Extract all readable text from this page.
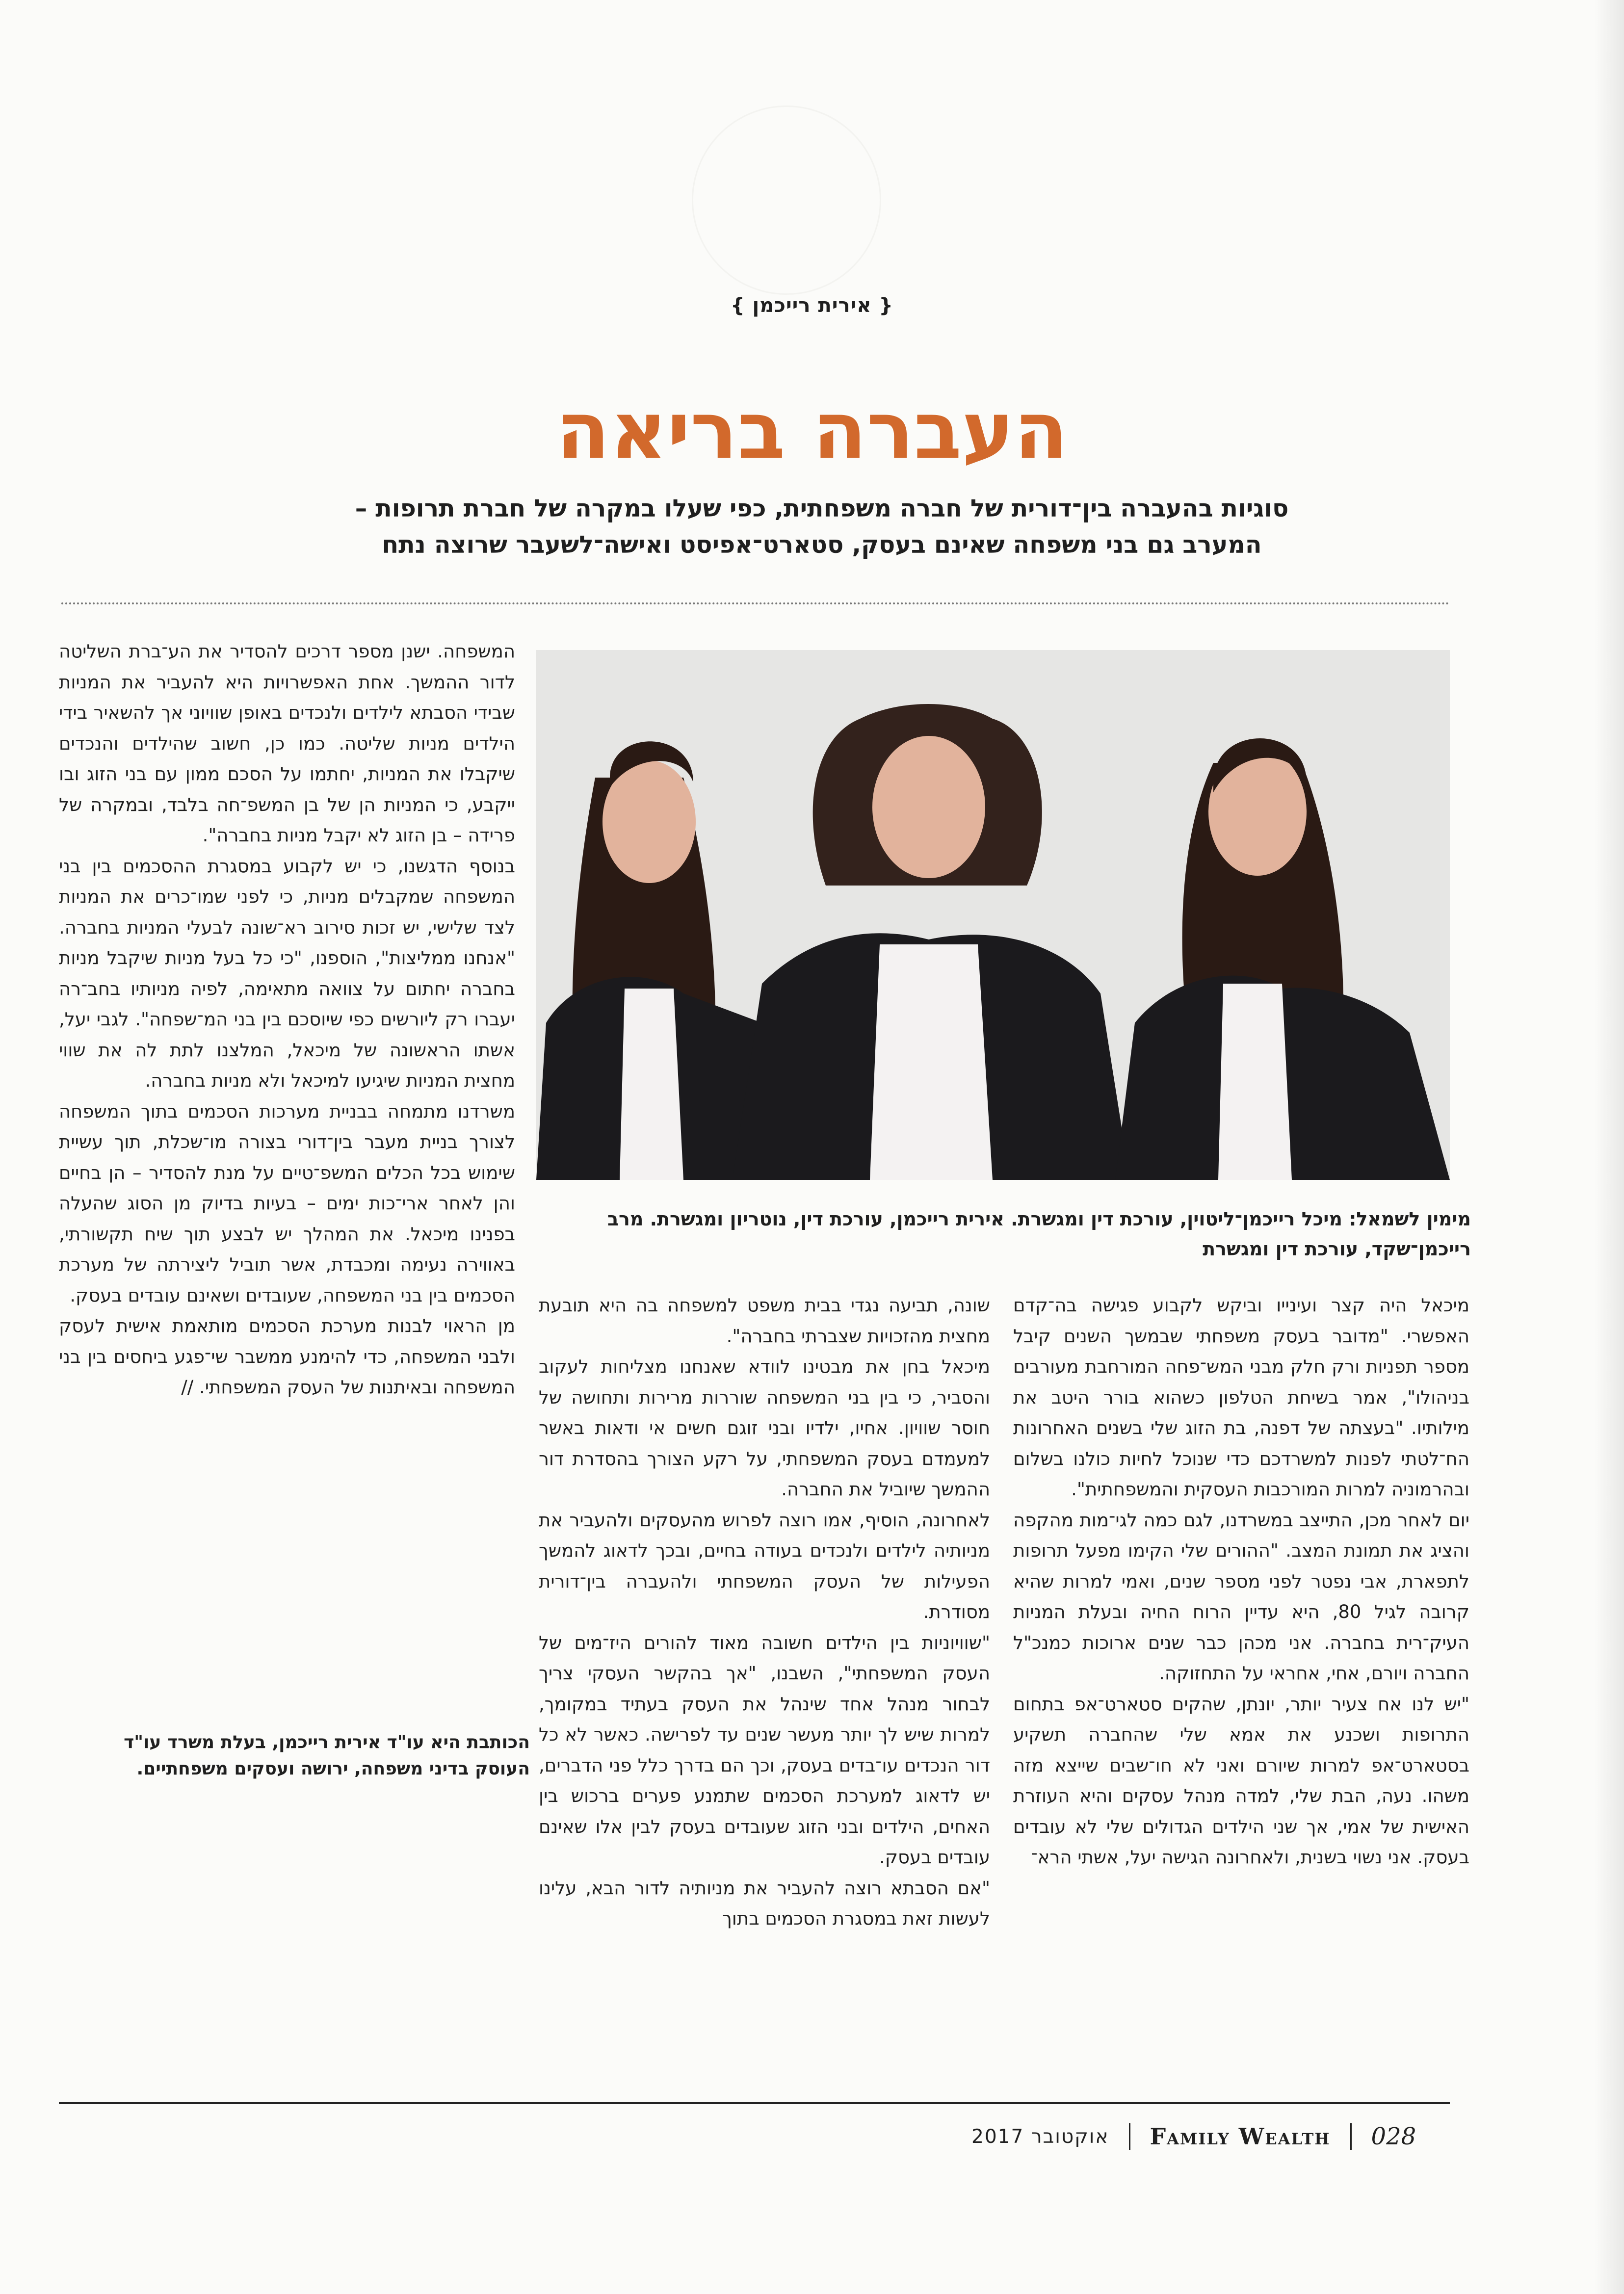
{ אירית רייכמן }
העברה בריאה
סוגיות בהעברה בין־דורית של חברה משפחתית, כפי שעלו במקרה של חברת תרופות –
המערב גם בני משפחה שאינם בעסק, סטארט־אפיסט ואישה־לשעבר שרוצה נתח
מימין לשמאל: מיכל רייכמן־ליטוין, עורכת דין ומגשרת. אירית רייכמן, עורכת דין, נוטריון ומגשרת. מרב רייכמן־שקד, עורכת דין ומגשרת

מיכאל היה קצר ועינייו וביקש לקבוע פגישה בה־קדם האפשרי. "מדובר בעסק משפחתי שבמשך השנים קיבל מספר תפניות ורק חלק מבני המש־פחה המורחבת מעורבים בניהולו", אמר בשיחת הטלפון כשהוא בורר היטב את מילותיו. "בעצתה של דפנה, בת הזוג שלי בשנים האחרונות הח־לטתי לפנות למשרדכם כדי שנוכל לחיות כולנו בשלום ובהרמוניה למרות המורכבות העסקית והמשפחתית".

יום לאחר מכן, התייצב במשרדנו, לגם כמה לגי־מות מהקפה והציג את תמונת המצב. "ההורים שלי הקימו מפעל תרופות לתפארת, אבי נפטר לפני מספר שנים, ואמי למרות שהיא קרובה לגיל 80, היא עדיין הרוח החיה ובעלת המניות העיק־רית בחברה. אני מכהן כבר שנים ארוכות כמנכ"ל החברה ויורם, אחי, אחראי על התחזוקה.

"יש לנו אח צעיר יותר, יונתן, שהקים סטארט־אפ בתחום התרופות ושכנע את אמא שלי שהחברה תשקיע בסטארט־אפ למרות שיורם ואני לא חו־שבים שייצא מזה משהו. נעה, הבת שלי, למדה מנהל עסקים והיא העוזרת האישית של אמי, אך שני הילדים הגדולים שלי לא עובדים בעסק. אני נשוי בשנית, ולאחרונה הגישה יעל, אשתי הרא־

שונה, תביעה נגדי בבית משפט למשפחה בה היא תובעת מחצית מהזכויות שצברתי בחברה".

מיכאל בחן את מבטינו לוודא שאנחנו מצליחות לעקוב והסביר, כי בין בני המשפחה שוררות מרירות ותחושה של חוסר שוויון. אחיו, ילדיו ובני זוגם חשים אי ודאות באשר למעמדם בעסק המשפחתי, על רקע הצורך בהסדרת דור ההמשך שיוביל את החברה.

לאחרונה, הוסיף, אמו רוצה לפרוש מהעסקים ולהעביר את מניותיה לילדים ולנכדים בעודה בחיים, ובכך לדאוג להמשך הפעילות של העסק המשפחתי ולהעברה בין־דורית מסודרת.

"שוויוניות בין הילדים חשובה מאוד להורים היז־מים של העסק המשפחתי", השבנו, "אך בהקשר העסקי צריך לבחור מנהל אחד שינהל את העסק בעתיד במקומך, למרות שיש לך יותר מעשר שנים עד לפרישה. כאשר לא כל דור הנכדים עו־בדים בעסק, וכך הם בדרך כלל פני הדברים, יש לדאוג למערכת הסכמים שתמנע פערים ברכוש בין האחים, הילדים ובני הזוג שעובדים בעסק לבין אלו שאינם עובדים בעסק.

"אם הסבתא רוצה להעביר את מניותיה לדור הבא, עלינו לעשות זאת במסגרת הסכמים בתוך

המשפחה. ישנן מספר דרכים להסדיר את הע־ברת השליטה לדור ההמשך. אחת האפשרויות היא להעביר את המניות שבידי הסבתא לילדים ולנכדים באופן שוויוני אך להשאיר בידי הילדים מניות שליטה. כמו כן, חשוב שהילדים והנכדים שיקבלו את המניות, יחתמו על הסכם ממון עם בני הזוג ובו ייקבע, כי המניות הן של בן המשפ־חה בלבד, ובמקרה של פרידה – בן הזוג לא יקבל מניות בחברה".

בנוסף הדגשנו, כי יש לקבוע במסגרת ההסכמים בין בני המשפחה שמקבלים מניות, כי לפני שמו־כרים את המניות לצד שלישי, יש זכות סירוב רא־שונה לבעלי המניות בחברה. "אנחנו ממליצות", הוספנו, "כי כל בעל מניות שיקבל מניות בחברה יחתום על צוואה מתאימה, לפיה מניותיו בחב־רה יעברו רק ליורשים כפי שיוסכם בין בני המ־שפחה". לגבי יעל, אשתו הראשונה של מיכאל, המלצנו לתת לה את שווי מחצית המניות שיגיעו למיכאל ולא מניות בחברה.

משרדנו מתמחה בבניית מערכות הסכמים בתוך המשפחה לצורך בניית מעבר בין־דורי בצורה מו־שכלת, תוך עשיית שימוש בכל הכלים המשפ־טיים על מנת להסדיר – הן בחיים והן לאחר ארי־כות ימים – בעיות בדיוק מן הסוג שהעלה בפנינו מיכאל. את המהלך יש לבצע תוך שיח תקשורתי, באווירה נעימה ומכבדת, אשר תוביל ליצירתה של מערכת הסכמים בין בני המשפחה, שעובדים ושאינם עובדים בעסק.

מן הראוי לבנות מערכת הסכמים מותאמת אישית לעסק ולבני המשפחה, כדי להימנע ממשבר שי־פגע ביחסים בין בני המשפחה ובאיתנות של העסק המשפחתי. //

הכותבת היא עו"ד אירית רייכמן, בעלת משרד עו"ד
העוסק בדיני משפחה, ירושה ועסקים משפחתיים.
אוקטובר 2017	Family Wealth	028
